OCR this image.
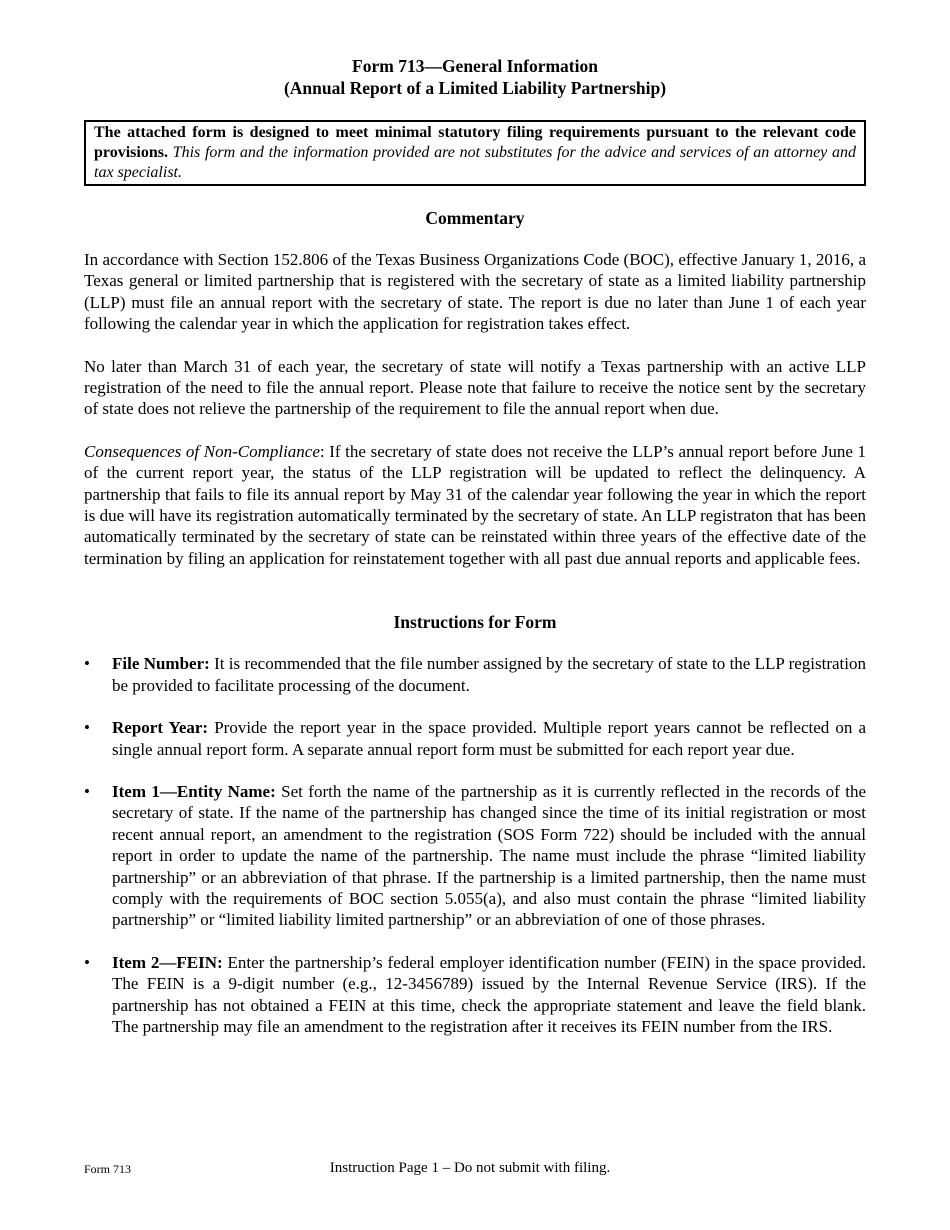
Form 713—General Information
(Annual Report of a Limited Liability Partnership)
The attached form is designed to meet minimal statutory filing requirements pursuant to the relevant code provisions. This form and the information provided are not substitutes for the advice and services of an attorney and tax specialist.
Commentary

In accordance with Section 152.806 of the Texas Business Organizations Code (BOC), effective January 1, 2016, a Texas general or limited partnership that is registered with the secretary of state as a limited liability partnership (LLP) must file an annual report with the secretary of state. The report is due no later than June 1 of each year following the calendar year in which the application for registration takes effect.

No later than March 31 of each year, the secretary of state will notify a Texas partnership with an active LLP registration of the need to file the annual report. Please note that failure to receive the notice sent by the secretary of state does not relieve the partnership of the requirement to file the annual report when due.

Consequences of Non-Compliance: If the secretary of state does not receive the LLP’s annual report before June 1 of the current report year, the status of the LLP registration will be updated to reflect the delinquency. A partnership that fails to file its annual report by May 31 of the calendar year following the year in which the report is due will have its registration automatically terminated by the secretary of state. An LLP registraton that has been automatically terminated by the secretary of state can be reinstated within three years of the effective date of the termination by filing an application for reinstatement together with all past due annual reports and applicable fees.

Instructions for Form
• File Number: It is recommended that the file number assigned by the secretary of state to the LLP registration be provided to facilitate processing of the document.
• Report Year: Provide the report year in the space provided. Multiple report years cannot be reflected on a single annual report form. A separate annual report form must be submitted for each report year due.
• Item 1—Entity Name: Set forth the name of the partnership as it is currently reflected in the records of the secretary of state. If the name of the partnership has changed since the time of its initial registration or most recent annual report, an amendment to the registration (SOS Form 722) should be included with the annual report in order to update the name of the partnership. The name must include the phrase “limited liability partnership” or an abbreviation of that phrase. If the partnership is a limited partnership, then the name must comply with the requirements of BOC section 5.055(a), and also must contain the phrase “limited liability partnership” or “limited liability limited partnership” or an abbreviation of one of those phrases.
• Item 2—FEIN: Enter the partnership’s federal employer identification number (FEIN) in the space provided. The FEIN is a 9-digit number (e.g., 12-3456789) issued by the Internal Revenue Service (IRS). If the partnership has not obtained a FEIN at this time, check the appropriate statement and leave the field blank. The partnership may file an amendment to the registration after it receives its FEIN number from the IRS.
Form 713	Instruction Page 1 – Do not submit with filing.
